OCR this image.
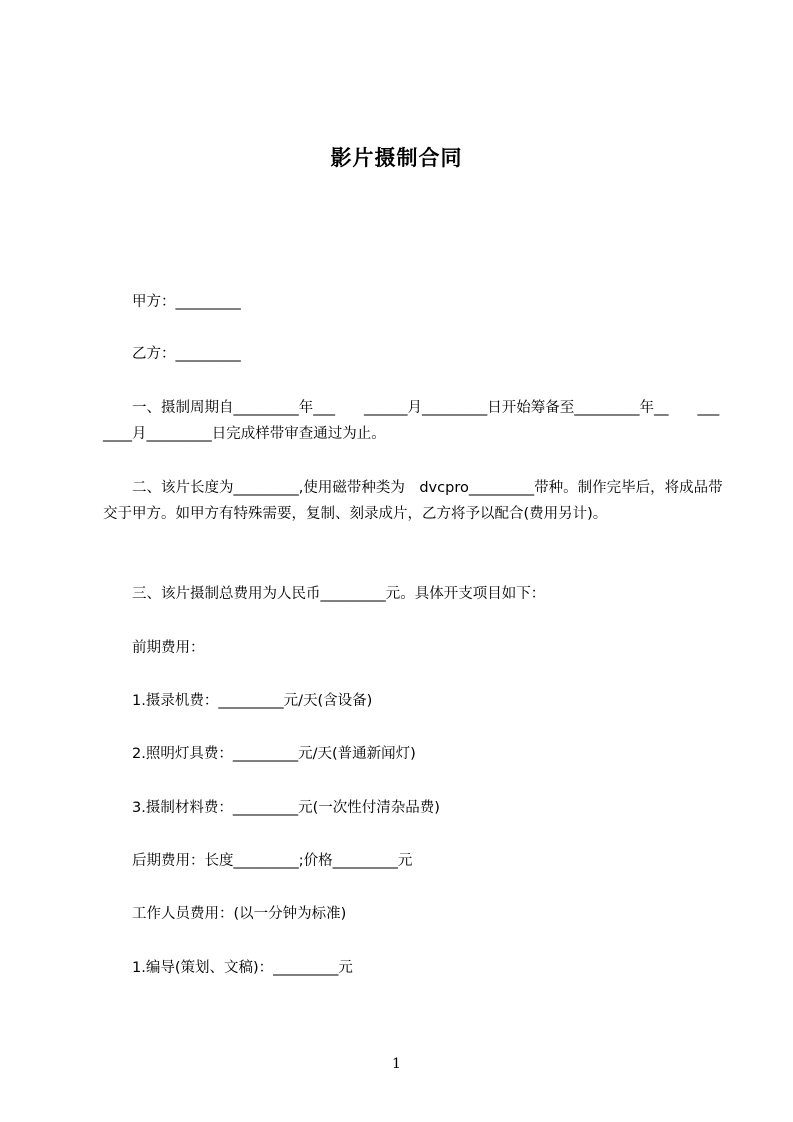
影片摄制合同
　　甲方：_________
　　乙方：_________
　　一、摄制周期自_________年___　　______月_________日开始筹备至_________年__　　_______月_________日完成样带审查通过为止。
　　二、该片长度为_________,使用磁带种类为　dvcpro_________带种。制作完毕后，将成品带交于甲方。如甲方有特殊需要，复制、刻录成片，乙方将予以配合(费用另计)。
　　三、该片摄制总费用为人民币_________元。具体开支项目如下：
　　前期费用：
　　1.摄录机费：_________元/天(含设备)
　　2.照明灯具费：_________元/天(普通新闻灯)
　　3.摄制材料费：_________元(一次性付清杂品费)
　　后期费用：长度_________;价格_________元
　　工作人员费用：(以一分钟为标准)
　　1.编导(策划、文稿)：_________元
1
